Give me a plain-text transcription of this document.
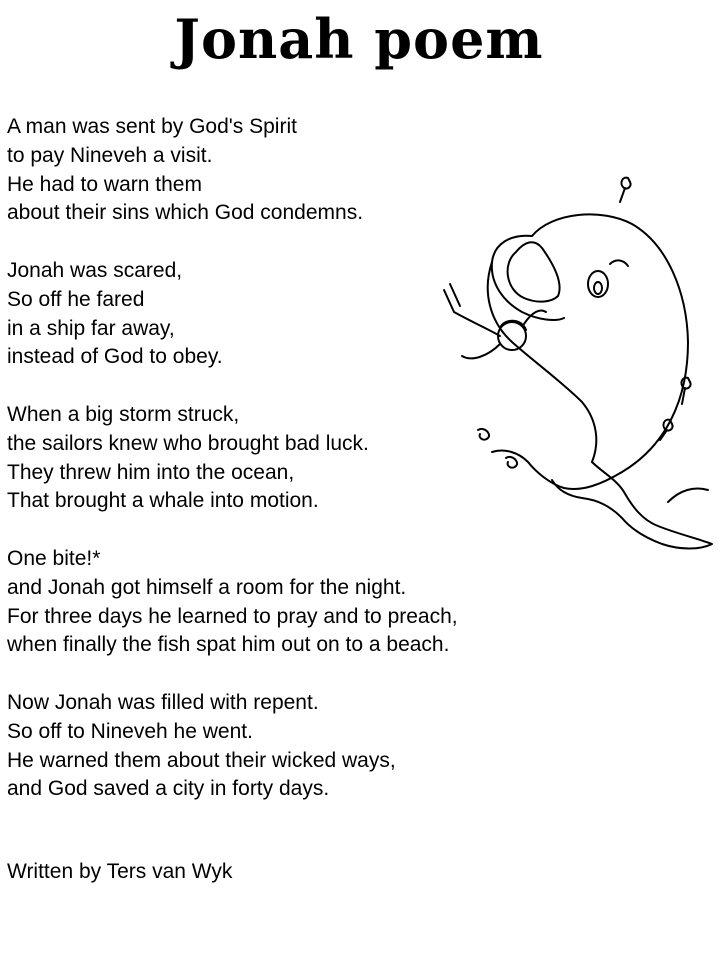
Jonah poem
A man was sent by God's Spirit
to pay Nineveh a visit.
He had to warn them
about their sins which God condemns.
Jonah was scared,
So off he fared
in a ship far away,
instead of God to obey.
When a big storm struck,
the sailors knew who brought bad luck.
They threw him into the ocean,
That brought a whale into motion.
One bite!*
and Jonah got himself a room for the night.
For three days he learned to pray and to preach,
when finally the fish spat him out on to a beach.
Now Jonah was filled with repent.
So off to Nineveh he went.
He warned them about their wicked ways,
and God saved a city in forty days.
Written by Ters van Wyk
